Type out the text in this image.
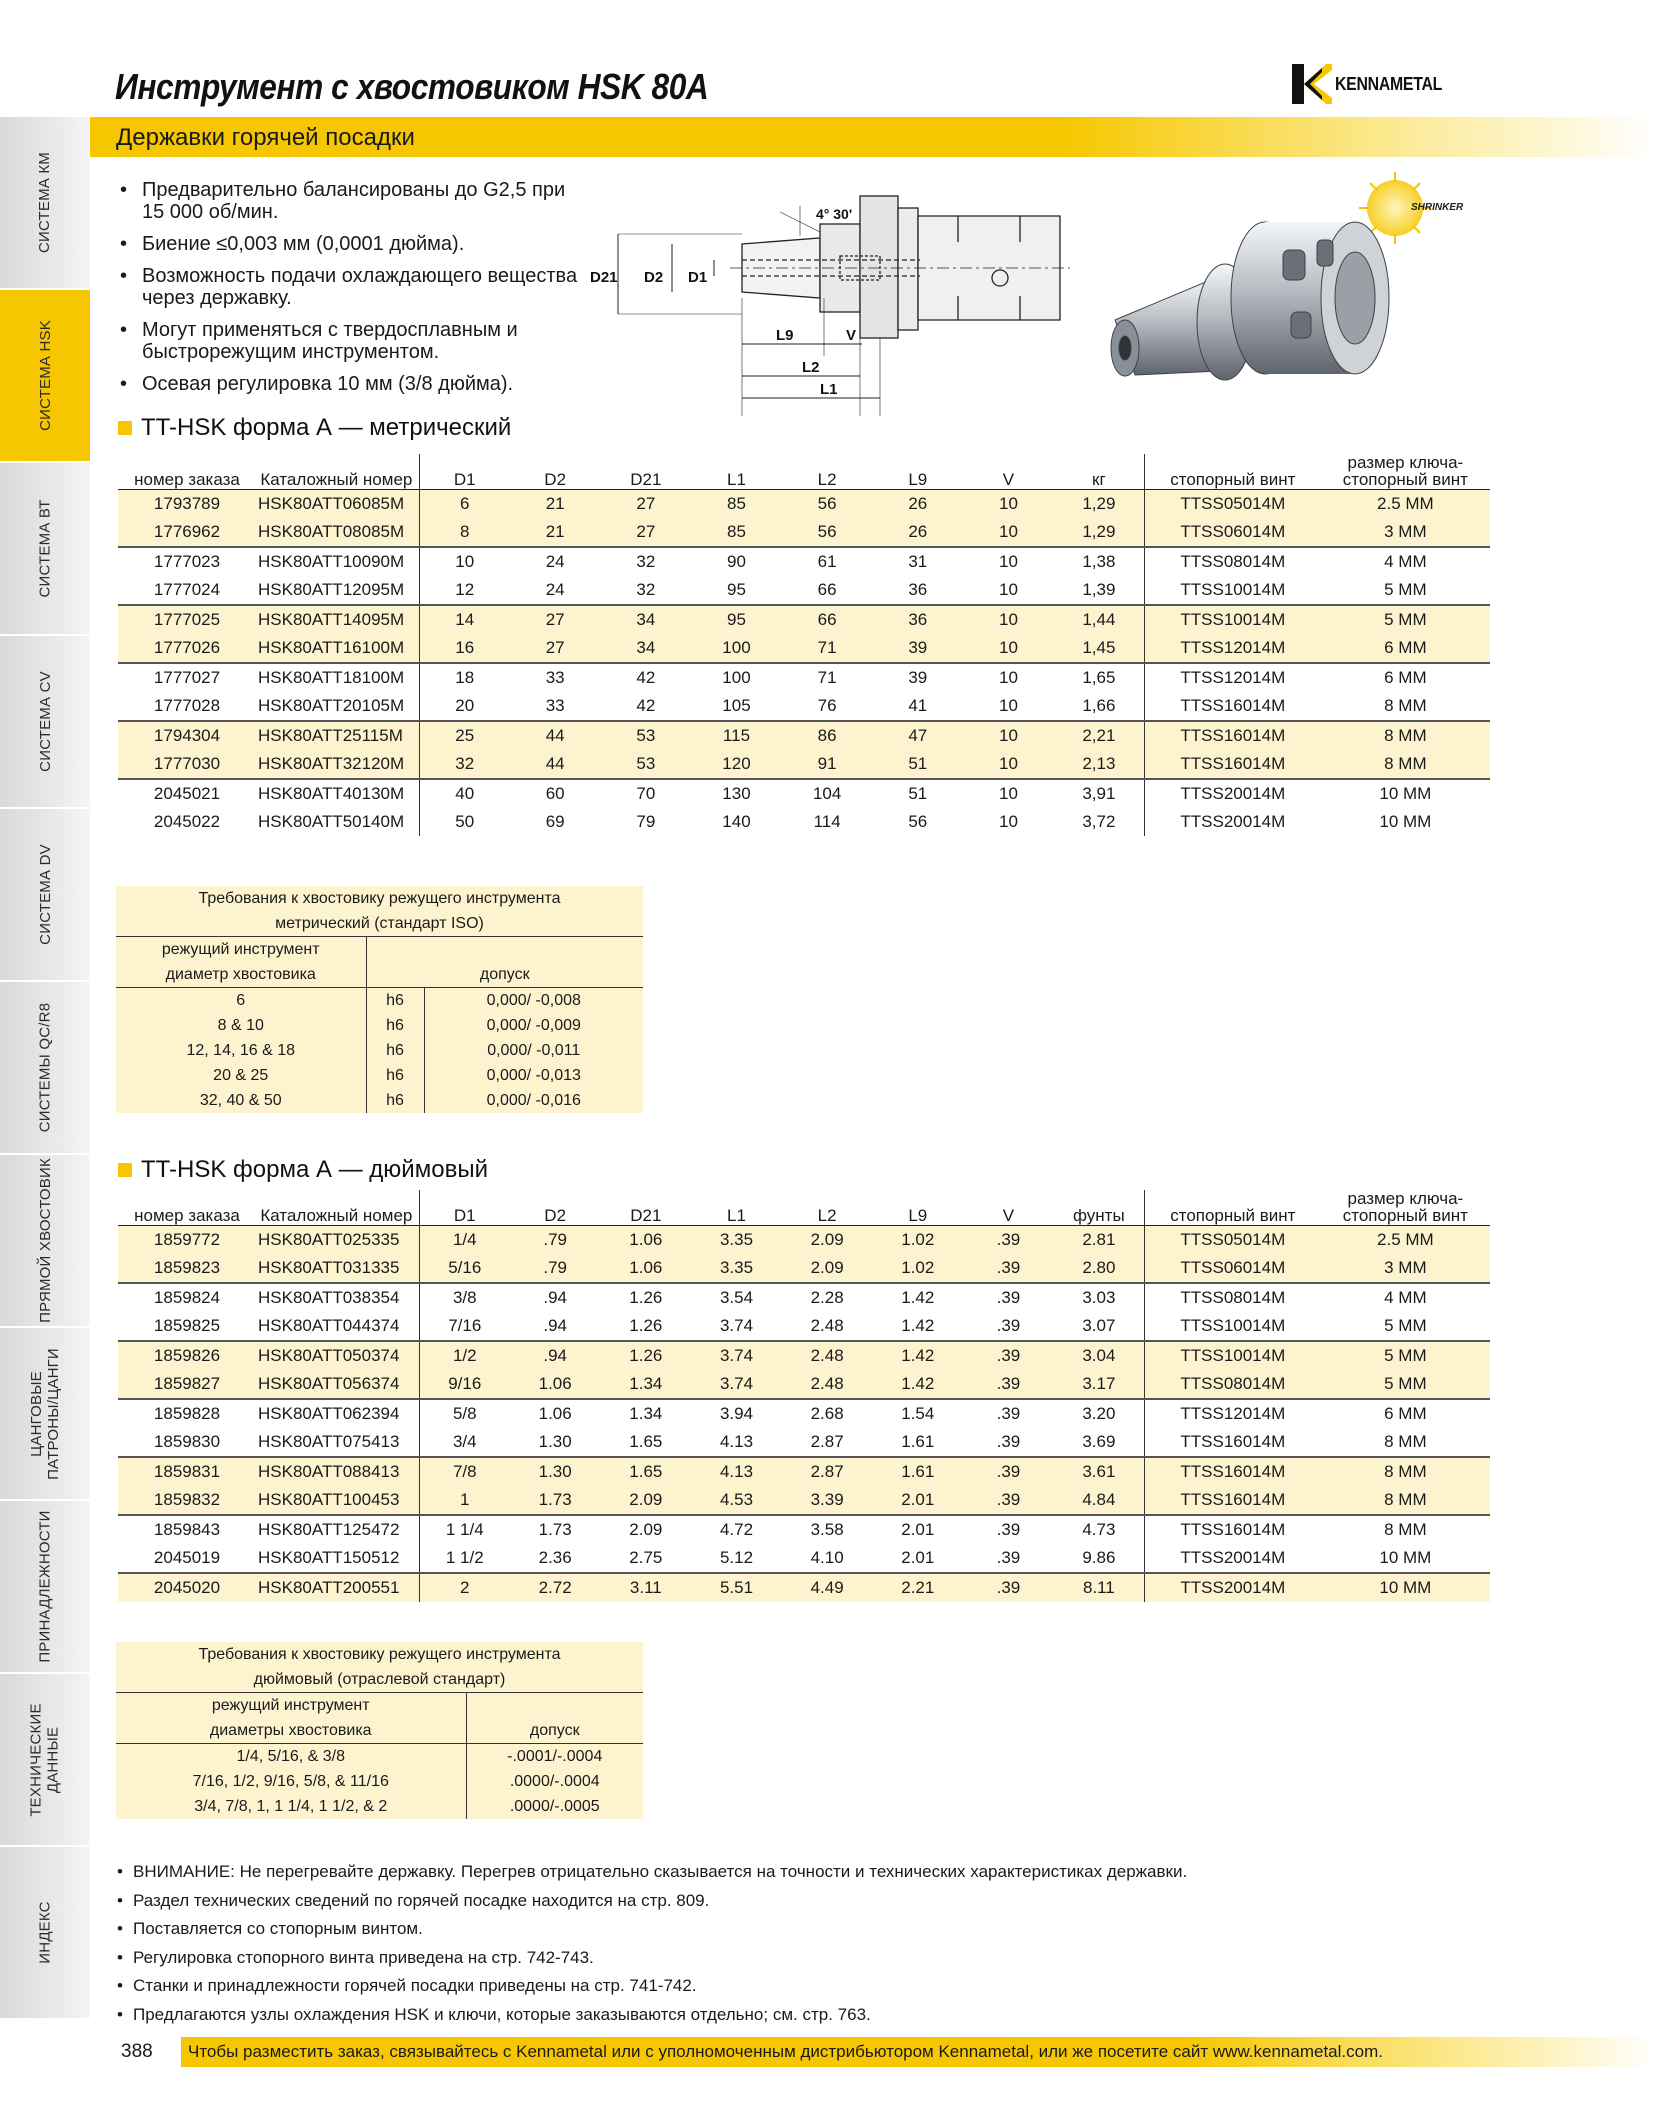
Инструмент с хвостовиком HSK 80A	KENNAMETAL
Державки горячей посадки
СИСТЕМА КМ
СИСТЕМА HSK
СИСТЕМА ВТ
СИСТЕМА CV
СИСТЕМА DV
СИСТЕМЫ QC/R8
ПРЯМОЙ ХВОСТОВИК
ЦАНГОВЫЕ
ПАТРОНЫ/ЦАНГИ
ПРИНАДЛЕЖНОСТИ
ТЕХНИЧЕСКИЕ
ДАННЫЕ
ИНДЕКС
• Предварительно балансированы до G2,5 при 15 000 об/мин.
• Биение ≤0,003 мм (0,0001 дюйма).
• Возможность подачи охлаждающего вещества через державку.
• Могут применяться с твердосплавным и быстрорежущим инструментом.
• Осевая регулировка 10 мм (3/8 дюйма).
D21 D2 D1
L9	V
L2
L1
4° 30'	SHRINKER
TT-HSK форма А — метрический
номер заказа	Каталожный номер	D1	D2	D21	L1	L2	L9	V	кг	стопорный винт	размер ключа-стопорный винт
1793789	HSK80ATT06085M	6	21	27	85	56	26	10	1,29	TTSS05014M	2.5 MM
1776962	HSK80ATT08085M	8	21	27	85	56	26	10	1,29	TTSS06014M	3 MM
1777023	HSK80ATT10090M	10	24	32	90	61	31	10	1,38	TTSS08014M	4 MM
1777024	HSK80ATT12095M	12	24	32	95	66	36	10	1,39	TTSS10014M	5 MM
1777025	HSK80ATT14095M	14	27	34	95	66	36	10	1,44	TTSS10014M	5 MM
1777026	HSK80ATT16100M	16	27	34	100	71	39	10	1,45	TTSS12014M	6 MM
1777027	HSK80ATT18100M	18	33	42	100	71	39	10	1,65	TTSS12014M	6 MM
1777028	HSK80ATT20105M	20	33	42	105	76	41	10	1,66	TTSS16014M	8 MM
1794304	HSK80ATT25115M	25	44	53	115	86	47	10	2,21	TTSS16014M	8 MM
1777030	HSK80ATT32120M	32	44	53	120	91	51	10	2,13	TTSS16014M	8 MM
2045021	HSK80ATT40130M	40	60	70	130	104	51	10	3,91	TTSS20014M	10 MM
2045022	HSK80ATT50140M	50	69	79	140	114	56	10	3,72	TTSS20014M	10 MM
Требования к хвостовику режущего инструмента		
метрический (стандарт ISO)		
режущий инструмент		
диаметр хвостовика	допуск	
6	h6	0,000/ -0,008
8 & 10	h6	0,000/ -0,009
12, 14, 16 & 18	h6	0,000/ -0,011
20 & 25	h6	0,000/ -0,013
32, 40 & 50	h6	0,000/ -0,016
TT-HSK форма А — дюймовый
номер заказа	Каталожный номер	D1	D2	D21	L1	L2	L9	V	фунты	стопорный винт	размер ключа-стопорный винт
1859772	HSK80ATT025335	1/4	.79	1.06	3.35	2.09	1.02	.39	2.81	TTSS05014M	2.5 MM
1859823	HSK80ATT031335	5/16	.79	1.06	3.35	2.09	1.02	.39	2.80	TTSS06014M	3 MM
1859824	HSK80ATT038354	3/8	.94	1.26	3.54	2.28	1.42	.39	3.03	TTSS08014M	4 MM
1859825	HSK80ATT044374	7/16	.94	1.26	3.74	2.48	1.42	.39	3.07	TTSS10014M	5 MM
1859826	HSK80ATT050374	1/2	.94	1.26	3.74	2.48	1.42	.39	3.04	TTSS10014M	5 MM
1859827	HSK80ATT056374	9/16	1.06	1.34	3.74	2.48	1.42	.39	3.17	TTSS08014M	5 MM
1859828	HSK80ATT062394	5/8	1.06	1.34	3.94	2.68	1.54	.39	3.20	TTSS12014M	6 MM
1859830	HSK80ATT075413	3/4	1.30	1.65	4.13	2.87	1.61	.39	3.69	TTSS16014M	8 MM
1859831	HSK80ATT088413	7/8	1.30	1.65	4.13	2.87	1.61	.39	3.61	TTSS16014M	8 MM
1859832	HSK80ATT100453	1	1.73	2.09	4.53	3.39	2.01	.39	4.84	TTSS16014M	8 MM
1859843	HSK80ATT125472	1 1/4	1.73	2.09	4.72	3.58	2.01	.39	4.73	TTSS16014M	8 MM
2045019	HSK80ATT150512	1 1/2	2.36	2.75	5.12	4.10	2.01	.39	9.86	TTSS20014M	10 MM
2045020	HSK80ATT200551	2	2.72	3.11	5.51	4.49	2.21	.39	8.11	TTSS20014M	10 MM
Требования к хвостовику режущего инструмента	
дюймовый (отраслевой стандарт)	
режущий инструмент	
диаметры хвостовика	допуск
1/4, 5/16, & 3/8	-.0001/-.0004
7/16, 1/2, 9/16, 5/8, & 11/16	.0000/-.0004
3/4, 7/8, 1, 1 1/4, 1 1/2, & 2	.0000/-.0005
• ВНИМАНИЕ: Не перегревайте державку. Перегрев отрицательно сказывается на точности и технических характеристиках державки.
• Раздел технических сведений по горячей посадке находится на стр. 809.
• Поставляется со стопорным винтом.
• Регулировка стопорного винта приведена на стр. 742-743.
• Станки и принадлежности горячей посадки приведены на стр. 741-742.
• Предлагаются узлы охлаждения HSK и ключи, которые заказываются отдельно; см. стр. 763.
388 Чтобы разместить заказ, связывайтесь с Kennametal или с уполномоченным дистрибьютором Kennametal, или же посетите сайт www.kennametal.com.
